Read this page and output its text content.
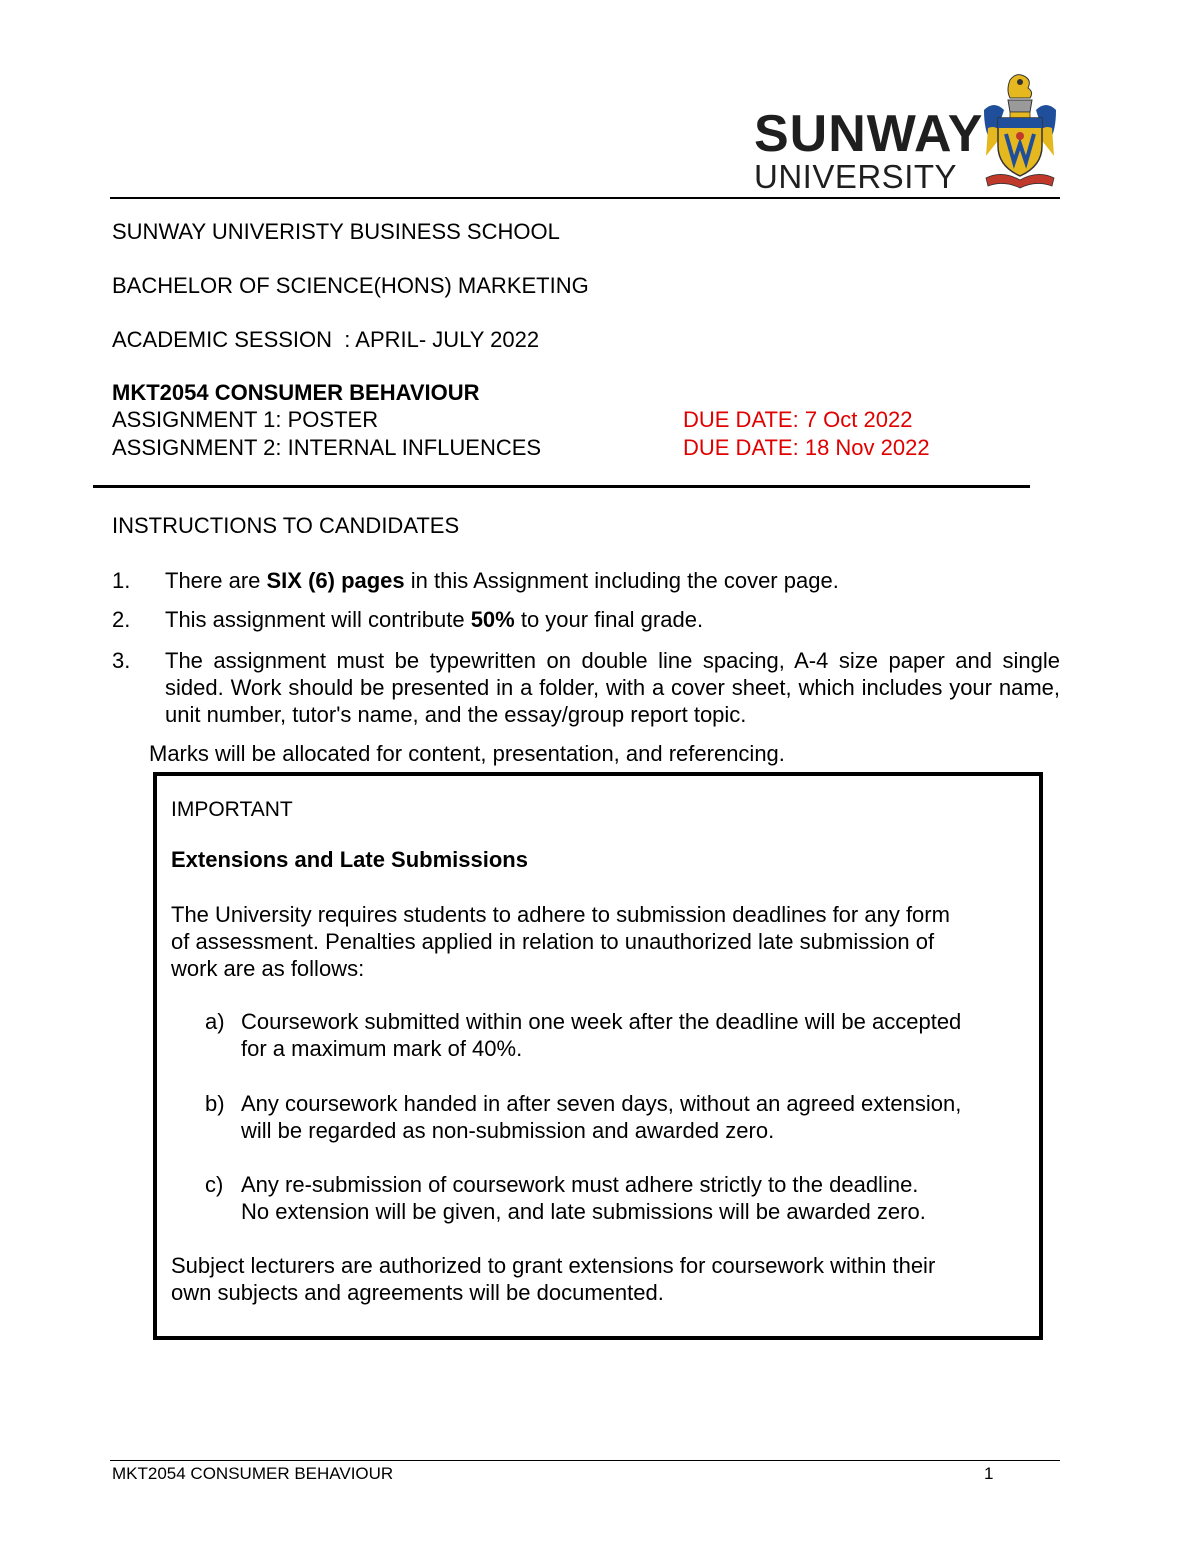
SUNWAY
UNIVERSITY
SUNWAY UNIVERISTY BUSINESS SCHOOL
BACHELOR OF SCIENCE(HONS) MARKETING
ACADEMIC SESSION  : APRIL- JULY 2022
MKT2054 CONSUMER BEHAVIOUR
ASSIGNMENT 1: POSTER	DUE DATE: 7 Oct 2022
ASSIGNMENT 2: INTERNAL INFLUENCES	DUE DATE: 18 Nov 2022
INSTRUCTIONS TO CANDIDATES
1. There are SIX (6) pages in this Assignment including the cover page.
2. This assignment will contribute 50% to your final grade.
3. The assignment must be typewritten on double line spacing, A-4 size paper and single sided. Work should be presented in a folder, with a cover sheet, which includes your name, unit number, tutor's name, and the essay/group report topic.
Marks will be allocated for content, presentation, and referencing.
IMPORTANT
Extensions and Late Submissions
The University requires students to adhere to submission deadlines for any form
of assessment. Penalties applied in relation to unauthorized late submission of
work are as follows:
a) Coursework submitted within one week after the deadline will be accepted
for a maximum mark of 40%.
b) Any coursework handed in after seven days, without an agreed extension,
will be regarded as non-submission and awarded zero.
c) Any re-submission of coursework must adhere strictly to the deadline.
No extension will be given, and late submissions will be awarded zero.
Subject lecturers are authorized to grant extensions for coursework within their
own subjects and agreements will be documented.
MKT2054 CONSUMER BEHAVIOUR	1
